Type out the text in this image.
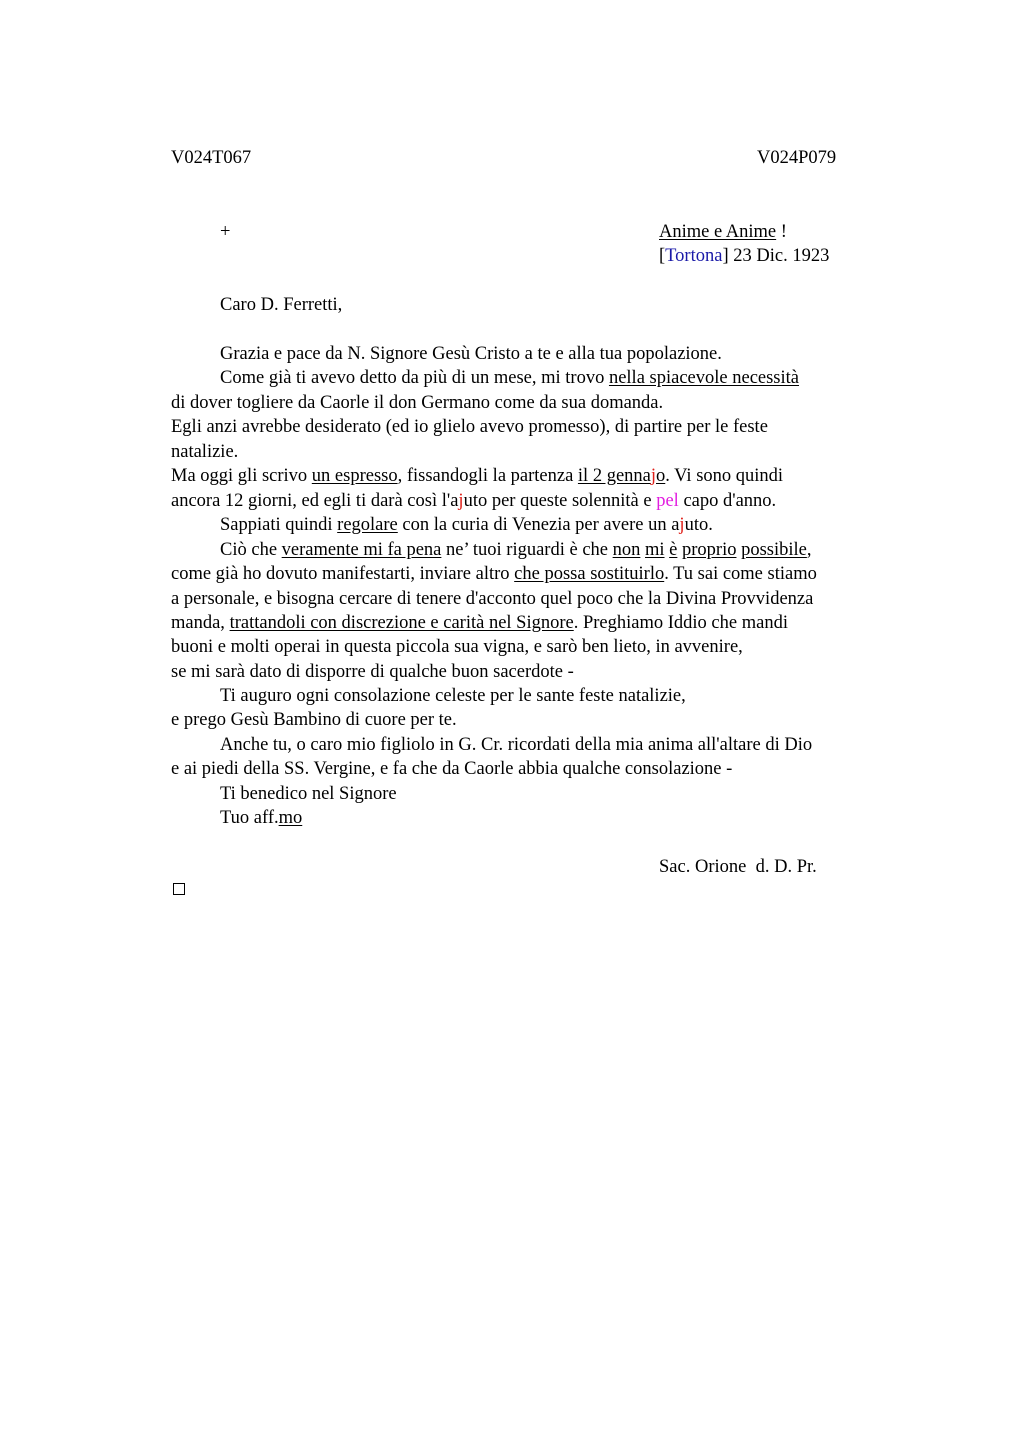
V024T067	V024P079
+	Anime e Anime !
[Tortona] 23 Dic. 1923
Caro D. Ferretti,
Grazia e pace da N. Signore Gesù Cristo a te e alla tua popolazione.
Come già ti avevo detto da più di un mese, mi trovo nella spiacevole necessità
di dover togliere da Caorle il don Germano come da sua domanda.
Egli anzi avrebbe desiderato (ed io glielo avevo promesso), di partire per le feste
natalizie.
Ma oggi gli scrivo un espresso, fissandogli la partenza il 2 gennajo. Vi sono quindi
ancora 12 giorni, ed egli ti darà così l'ajuto per queste solennità e pel capo d'anno.
Sappiati quindi regolare con la curia di Venezia per avere un ajuto.
Ciò che veramente mi fa pena ne’ tuoi riguardi è che non mi è proprio possibile,
come già ho dovuto manifestarti, inviare altro che possa sostituirlo. Tu sai come stiamo
a personale, e bisogna cercare di tenere d'acconto quel poco che la Divina Provvidenza
manda, trattandoli con discrezione e carità nel Signore. Preghiamo Iddio che mandi
buoni e molti operai in questa piccola sua vigna, e sarò ben lieto, in avvenire,
se mi sarà dato di disporre di qualche buon sacerdote -
Ti auguro ogni consolazione celeste per le sante feste natalizie,
e prego Gesù Bambino di cuore per te.
Anche tu, o caro mio figliolo in G. Cr. ricordati della mia anima all'altare di Dio
e ai piedi della SS. Vergine, e fa che da Caorle abbia qualche consolazione -
Ti benedico nel Signore
Tuo aff.mo
Sac. Orione  d. D. Pr.
